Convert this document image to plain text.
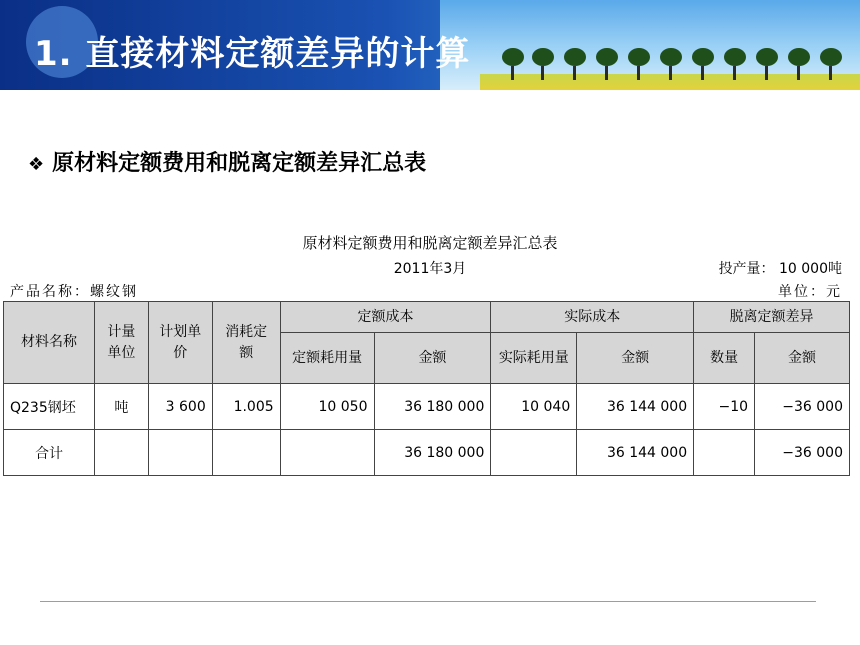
1. 直接材料定额差异的计算
❖ 原材料定额费用和脱离定额差异汇总表
原材料定额费用和脱离定额差异汇总表
2011年3月	投产量： 10 000吨
产品名称：螺纹钢	单位：元
材料名称	计量单位	计划单价	消耗定额	定额成本		实际成本		脱离定额差异	
				定额耗用量	金额	实际耗用量	金额	数量	金额
Q235钢坯	吨	3 600	1.005	10 050	36 180 000	10 040	36 144 000	−10	−36 000
合计					36 180 000		36 144 000		−36 000
